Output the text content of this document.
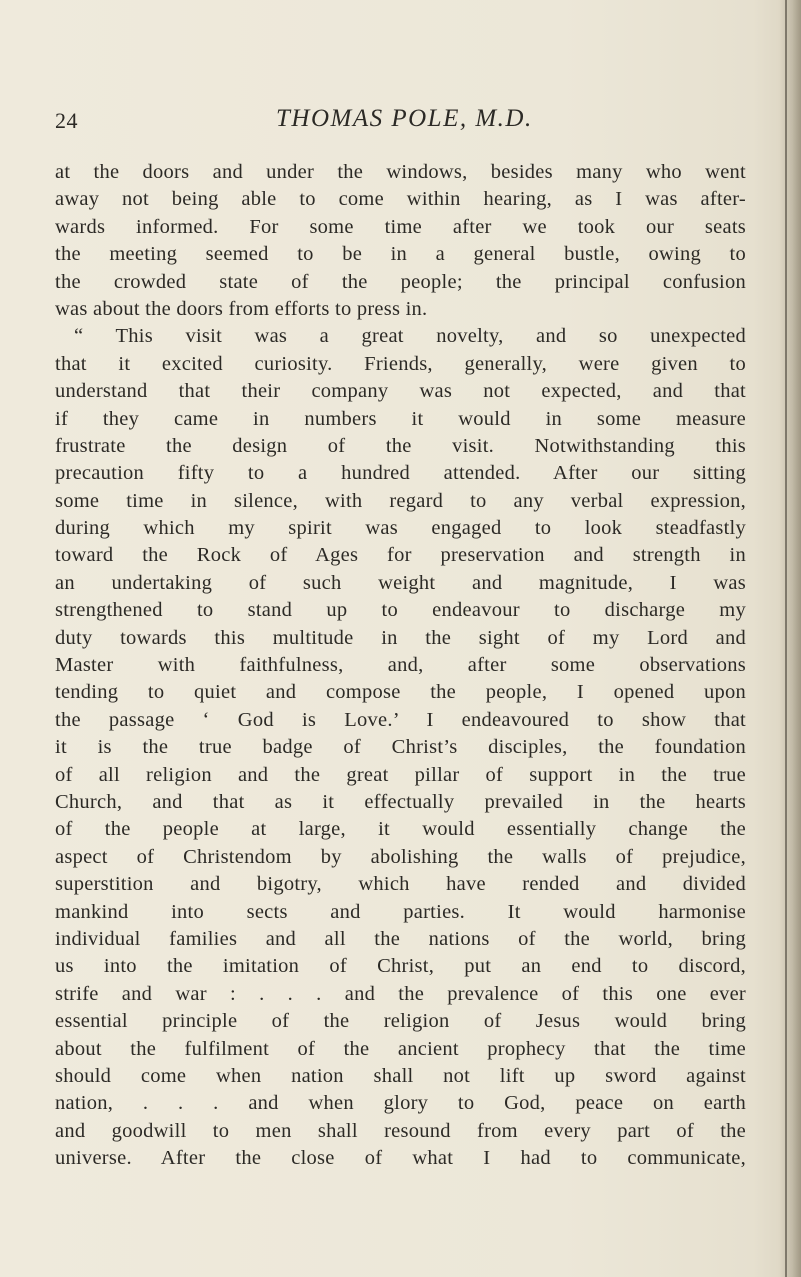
24	THOMAS POLE, M.D.
at the doors and under the windows, besides many who went
away not being able to come within hearing, as I was after-
wards informed. For some time after we took our seats
the meeting seemed to be in a general bustle, owing to
the crowded state of the people; the principal confusion
was about the doors from efforts to press in.
“ This visit was a great novelty, and so unexpected
that it excited curiosity. Friends, generally, were given to
understand that their company was not expected, and that
if they came in numbers it would in some measure
frustrate the design of the visit. Notwithstanding this
precaution fifty to a hundred attended. After our sitting
some time in silence, with regard to any verbal expression,
during which my spirit was engaged to look steadfastly
toward the Rock of Ages for preservation and strength in
an undertaking of such weight and magnitude, I was
strengthened to stand up to endeavour to discharge my
duty towards this multitude in the sight of my Lord and
Master with faithfulness, and, after some observations
tending to quiet and compose the people, I opened upon
the passage ‘ God is Love.’ I endeavoured to show that
it is the true badge of Christ’s disciples, the foundation
of all religion and the great pillar of support in the true
Church, and that as it effectually prevailed in the hearts
of the people at large, it would essentially change the
aspect of Christendom by abolishing the walls of prejudice,
superstition and bigotry, which have rended and divided
mankind into sects and parties. It would harmonise
individual families and all the nations of the world, bring
us into the imitation of Christ, put an end to discord,
strife and war : . . . and the prevalence of this one ever
essential principle of the religion of Jesus would bring
about the fulfilment of the ancient prophecy that the time
should come when nation shall not lift up sword against
nation, . . . and when glory to God, peace on earth
and goodwill to men shall resound from every part of the
universe. After the close of what I had to communicate,
